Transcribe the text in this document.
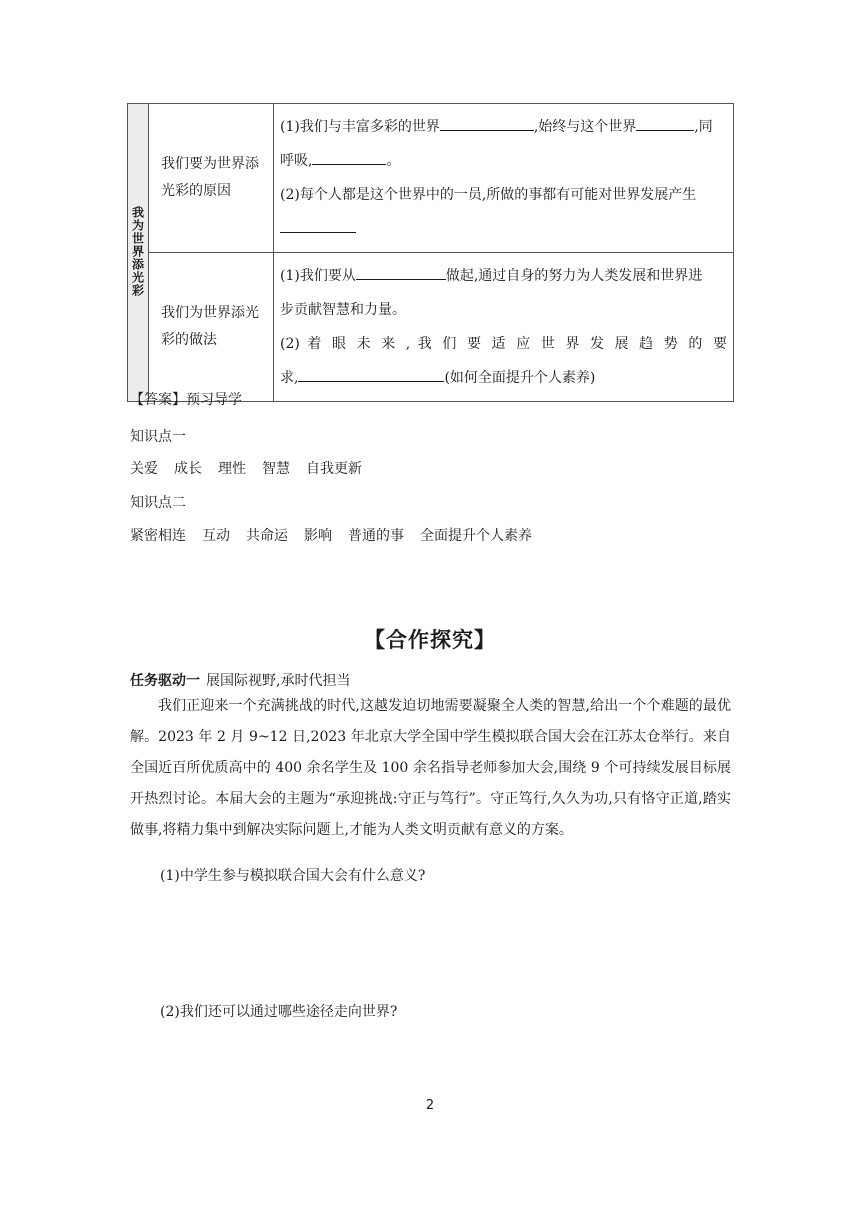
我为世界添光彩	我们要为世界添光彩的原因	(1)我们与丰富多彩的世界 ,始终与这个世界 ,同
呼吸, 。
(2)每个人都是这个世界中的一员,所做的事都有可能对世界发展产生

	我们为世界添光彩的做法	(1)我们要从 做起,通过自身的努力为人类发展和世界进
步贡献智慧和力量。
(2) 着 眼 未 来 , 我 们 要 适 应 世 界 发 展 趋 势 的 要
求, (如何全面提升个人素养)
【答案】预习导学
知识点一
关爱 成长 理性 智慧 自我更新
知识点二
紧密相连 互动 共命运 影响 普通的事 全面提升个人素养
【合作探究】
任务驱动一 展国际视野,承时代担当
我们正迎来一个充满挑战的时代,这越发迫切地需要凝聚全人类的智慧,给出一个个难题的最优解。2023 年 2 月 9~12 日,2023 年北京大学全国中学生模拟联合国大会在江苏太仓举行。来自全国近百所优质高中的 400 余名学生及 100 余名指导老师参加大会,围绕 9 个可持续发展目标展开热烈讨论。本届大会的主题为“承迎挑战:守正与笃行”。守正笃行,久久为功,只有恪守正道,踏实做事,将精力集中到解决实际问题上,才能为人类文明贡献有意义的方案。
(1)中学生参与模拟联合国大会有什么意义?
(2)我们还可以通过哪些途径走向世界?
2
